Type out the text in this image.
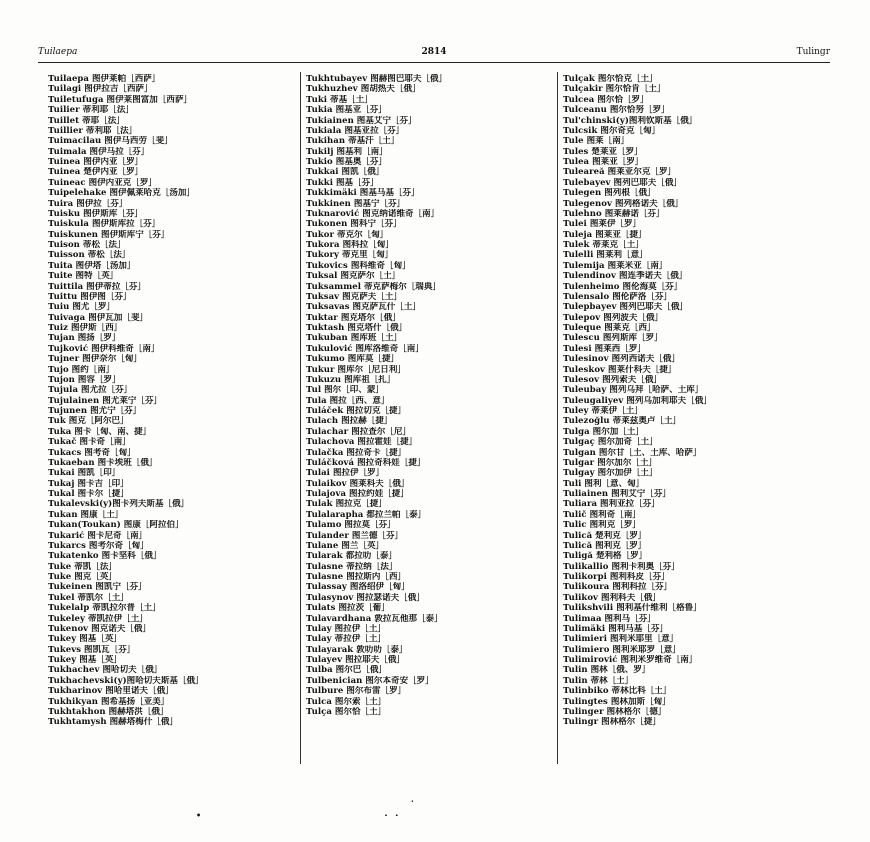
Tuilaepa	2814	Tulingr
Tuilaepa 图伊莱帕［西萨］
Tuilagi 图伊拉吉［西萨］
Tuiletufuga 图伊莱图富加［西萨］
Tuilier 蒂利耶［法］
Tuillet 蒂耶［法］
Tuillier 蒂利耶［法］
Tuimacilau 图伊马西劳［斐］
Tuimala 图伊马拉［芬］
Tuinea 图伊内亚［罗］
Tuinea 楚伊内亚［罗］
Tuineac 图伊内亚克［罗］
Tuipelehake 图伊佩莱哈克［汤加］
Tuira 图伊拉［芬］
Tuisku 图伊斯库［芬］
Tuiskula 图伊斯库拉［芬］
Tuiskunen 图伊斯库宁［芬］
Tuison 蒂松［法］
Tuisson 蒂松［法］
Tuita 图伊塔［汤加］
Tuite 图特［英］
Tuittila 图伊蒂拉［芬］
Tuittu 图伊图［芬］
Tuiu 图尤［罗］
Tuivaga 图伊瓦加［斐］
Tuiz 图伊斯［西］
Tujan 图扬［罗］
Tujković 图伊科维奇［南］
Tujner 图伊奈尔［匈］
Tujo 图约［南］
Tujon 图容［罗］
Tujula 图尤拉［芬］
Tujulainen 图尤莱宁［芬］
Tujunen 图尤宁［芬］
Tuk 图克［阿尔巴］
Tuka 图卡［匈、南、捷］
Tukač 图卡奇［南］
Tukacs 图考奇［匈］
Tukaeban 图卡埃班［俄］
Tukai 图凯［印］
Tukaj 图卡吉［印］
Tukal 图卡尔［捷］
Tukalevski(y)图卡列夫斯基［俄］
Tukan 图康［土］
Tukan(Toukan) 图康［阿拉伯］
Tukarić 图卡尼奇［南］
Tukarcs 图考尔奇［匈］
Tukatenko 图卡坚科［俄］
Tuke 蒂凯［法］
Tuke 图克［英］
Tukeinen 图凯宁［芬］
Tukel 蒂凯尔［土］
Tukelalp 蒂凯拉尔普［土］
Tukeley 蒂凯拉伊［土］
Tukenov 图克诺夫［俄］
Tukey 图基［英］
Tukevs 图凯瓦［芬］
Tukey 图基［英］
Tukhachev 图哈切夫［俄］
Tukhachevski(y)图哈切夫斯基［俄］
Tukharinov 图哈里诺夫［俄］
Tukhikyan 图希基扬［亚美］
Tukhtakhon 图赫塔洪［俄］
Tukhtamysh 图赫塔梅什［俄］
Tukhtubayev 图赫图巴耶夫［俄］
Tukhuzhev 图胡热夫［俄］
Tuki 蒂基［土］
Tukia 图基亚［芬］
Tukiainen 图基艾宁［芬］
Tukiala 图基亚拉［芬］
Tukihan 蒂基汗［土］
Tukilj 图基利［南］
Tukio 图基奥［芬］
Tukkai 图凯［俄］
Tukki 图基［芬］
Tukkimäki 图基马基［芬］
Tukkinen 图基宁［芬］
Tuknarović 图克纳诺维奇［南］
Tukonen 图科宁［芬］
Tukor 蒂克尔［匈］
Tukora 图科拉［匈］
Tukory 蒂克里［匈］
Tukovics 图科维奇［匈］
Tuksal 图克萨尔［土］
Tuksammel 蒂克萨梅尔［瑞典］
Tuksav 图克萨夫［土］
Tuksavas 图克萨瓦什［土］
Tuktar 图克塔尔［俄］
Tuktash 图克塔什［俄］
Tukuban 图库班［土］
Tukulović 图库洛维奇［南］
Tukumo 图库莫［捷］
Tukur 图库尔［尼日利］
Tukuzu 图库祖［扎］
Tul 图尔［印、蒙］
Tula 图拉［西、意］
Tuláček 图拉切克［捷］
Tulach 图拉赫［捷］
Tulachar 图拉查尔［尼］
Tulachova 图拉霍娃［捷］
Tulačka 图拉奇卡［捷］
Tuláčková 图拉奇科娃［捷］
Tulai 图拉伊［罗］
Tulaikov 图莱科夫［俄］
Tulajova 图拉约娃［捷］
Tulak 图拉克［捷］
Tulalarapha 都拉兰帕［泰］
Tulamo 图拉莫［芬］
Tulander 图兰德［芬］
Tulane 图兰［英］
Tularak 都拉叻［泰］
Tulasne 蒂拉纳［法］
Tulasne 图拉斯内［西］
Tulassay 图洛绍伊［匈］
Tulasynov 图拉瑟诺夫［俄］
Tulats 图拉茨［葡］
Tulavardhana 敦拉瓦他那［泰］
Tulay 图拉伊［土］
Tulay 蒂拉伊［土］
Tulayarak 敦叻叻［泰］
Tulayev 图拉耶夫［俄］
Tulba 图尔巴［俄］
Tulbenician 图尔本奇安［罗］
Tulbure 图尔布雷［罗］
Tulca 图尔索［土］
Tulça 图尔恰［土］
Tulçak 图尔恰克［土］
Tulçakir 图尔恰肯［土］
Tulcea 图尔恰［罗］
Tulceanu 图尔恰努［罗］
Tul'chinski(y)图利钦斯基［俄］
Tulcsik 图尔奇克［匈］
Tule 图莱［南］
Tules 楚莱亚［罗］
Tulea 图莱亚［罗］
Tuleareă 图莱亚尔克［罗］
Tulebayev 图列巴耶夫［俄］
Tulegen 图列根［俄］
Tulegenov 图列格诺夫［俄］
Tulehno 图莱赫诺［芬］
Tulei 图莱伊［罗］
Tuleja 图莱亚［捷］
Tulek 蒂莱克［土］
Tulelli 图莱利［意］
Tulemija 图莱米亚［南］
Tulendinov 图连季诺夫［俄］
Tulenheimo 图伦海莫［芬］
Tulensalo 图伦萨洛［芬］
Tulepbayev 图列巴耶夫［俄］
Tulepov 图列波夫［俄］
Tuleque 图莱克［西］
Tulescu 图列斯库［罗］
Tulesi 图莱西［罗］
Tulesinov 图列西诺夫［俄］
Tuleskov 图莱什科夫［捷］
Tulesov 图列索夫［俄］
Tuleubay 图列乌拜［哈萨、土库］
Tuleugaliyev 图列乌加利耶夫［俄］
Tuley 蒂莱伊［土］
Tulezoğlu 蒂莱兹奥卢［土］
Tulga 图尔加［土］
Tulgaç 图尔加奇［土］
Tulgan 图尔甘［土、土库、哈萨］
Tulgar 图尔加尔［土］
Tulgay 图尔加伊［土］
Tuli 图利［意、匈］
Tuliainen 图利艾宁［芬］
Tuliara 图利亚拉［芬］
Tulič 图利奇［南］
Tulic 图利克［罗］
Tulică 楚利克［罗］
Tulică 图利克［罗］
Tuligă 楚利格［罗］
Tulikallio 图利卡利奥［芬］
Tulikorpi 图利科皮［芬］
Tulikoura 图利科拉［芬］
Tulikov 图利科夫［俄］
Tulikshvili 图利基什维利［格鲁］
Tulimaa 图利马［芬］
Tulimäki 图利马基［芬］
Tulimieri 图利米耶里［意］
Tulimiero 图利米耶罗［意］
Tulimirović 图利米罗维奇［南］
Tulin 图林［俄、罗］
Tulin 蒂林［土］
Tulinbiko 蒂林比科［土］
Tulingtes 图林加斯［匈］
Tulinger 图林格尔［德］
Tulingr 图林格尔［捷］
.
•	・ ・
